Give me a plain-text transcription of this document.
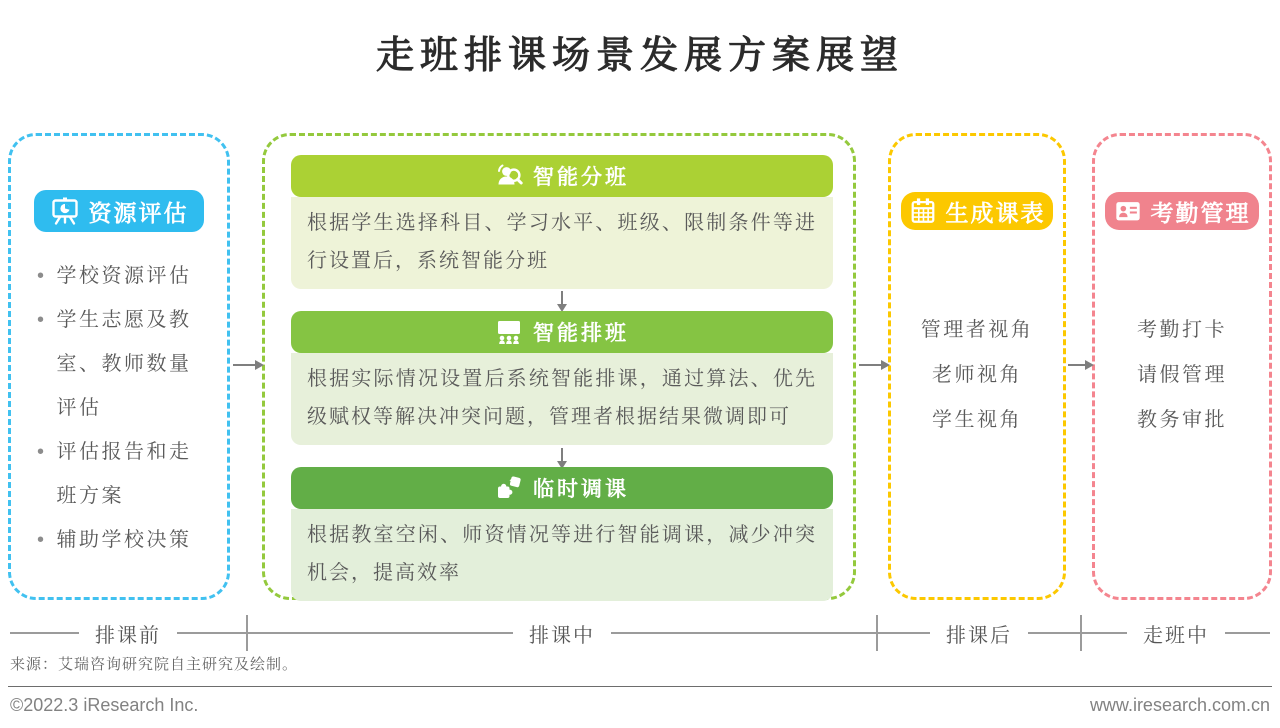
走班排课场景发展方案展望
资源评估
• 学校资源评估
• 学生志愿及教室、教师数量评估
• 评估报告和走班方案
• 辅助学校决策
智能分班
根据学生选择科目、学习水平、班级、限制条件等进行设置后，系统智能分班
智能排班
根据实际情况设置后系统智能排课，通过算法、优先级赋权等解决冲突问题，管理者根据结果微调即可
临时调课
根据教室空闲、师资情况等进行智能调课，减少冲突机会，提高效率
生成课表
管理者视角
老师视角
学生视角
考勤管理
考勤打卡
请假管理
教务审批
排课前	排课中	排课后	走班中
来源：艾瑞咨询研究院自主研究及绘制。
©2022.3 iResearch Inc.	www.iresearch.com.cn
